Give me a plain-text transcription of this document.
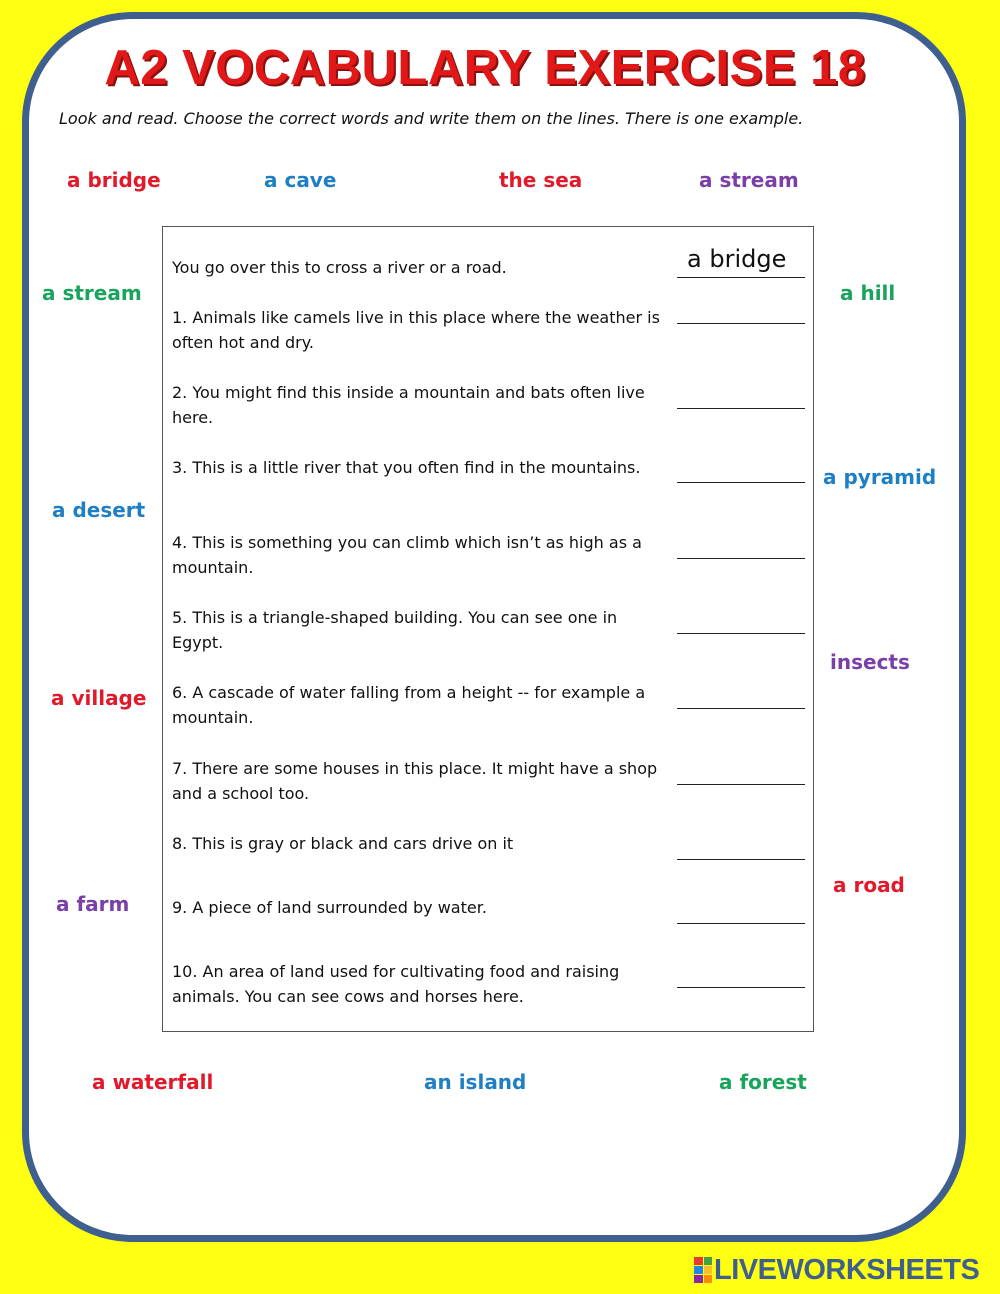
A2 VOCABULARY EXERCISE 18
Look and read. Choose the correct words and write them on the lines. There is one example.
a bridge	a cave	the sea	a stream
a stream	a hill
a pyramid
a desert
insects
a village
a road
a farm
a waterfall	an island	a forest
You go over this to cross a river or a road.	a bridge
1. Animals like camels live in this place where the weather is often hot and dry.
2. You might find this inside a mountain and bats often live here.
3. This is a little river that you often find in the mountains.
4. This is something you can climb which isn’t as high as a mountain.
5. This is a triangle-shaped building. You can see one in Egypt.
6. A cascade of water falling from a height -- for example a mountain.
7. There are some houses in this place. It might have a shop and a school too.
8. This is gray or black and cars drive on it
9. A piece of land surrounded by water.
10. An area of land used for cultivating food and raising animals. You can see cows and horses here.
LIVEWORKSHEETS
